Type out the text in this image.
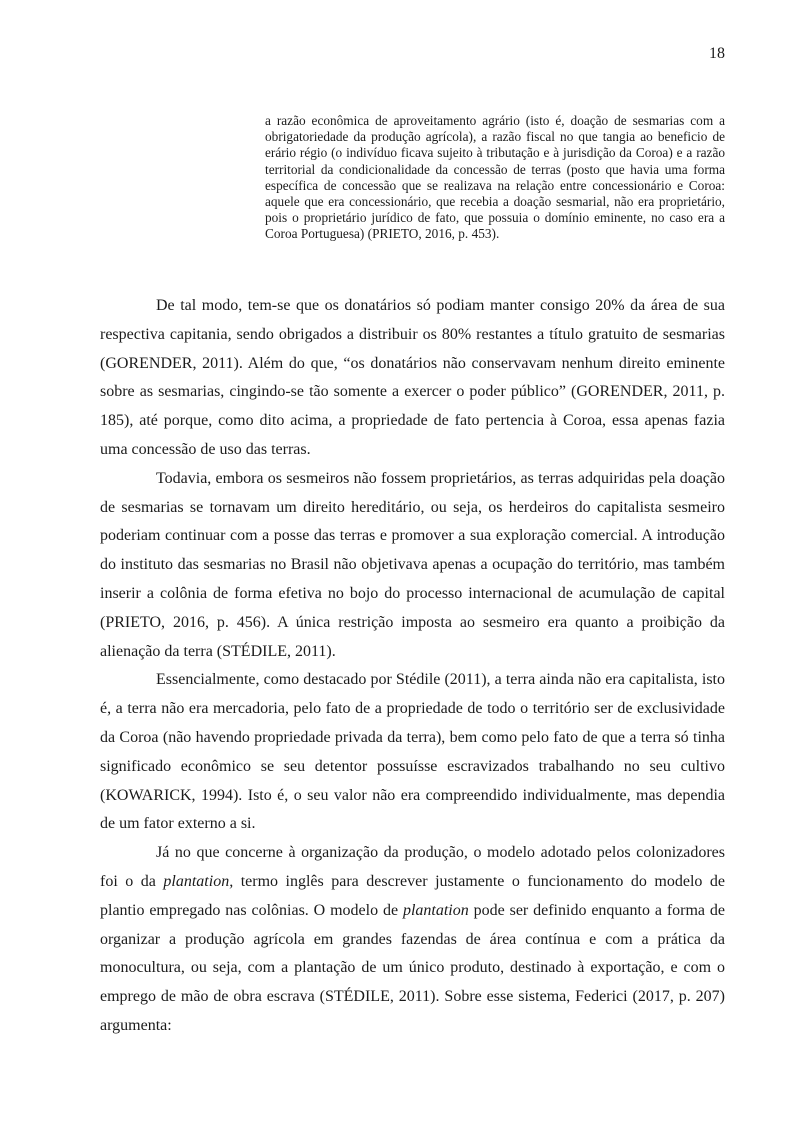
18
a razão econômica de aproveitamento agrário (isto é, doação de sesmarias com a obrigatoriedade da produção agrícola), a razão fiscal no que tangia ao beneficio de erário régio (o indivíduo ficava sujeito à tributação e à jurisdição da Coroa) e a razão territorial da condicionalidade da concessão de terras (posto que havia uma forma específica de concessão que se realizava na relação entre concessionário e Coroa: aquele que era concessionário, que recebia a doação sesmarial, não era proprietário, pois o proprietário jurídico de fato, que possuia o domínio eminente, no caso era a Coroa Portuguesa) (PRIETO, 2016, p. 453).

De tal modo, tem-se que os donatários só podiam manter consigo 20% da área de sua respectiva capitania, sendo obrigados a distribuir os 80% restantes a título gratuito de sesmarias (GORENDER, 2011). Além do que, “os donatários não conservavam nenhum direito eminente sobre as sesmarias, cingindo-se tão somente a exercer o poder público” (GORENDER, 2011, p. 185), até porque, como dito acima, a propriedade de fato pertencia à Coroa, essa apenas fazia uma concessão de uso das terras.

Todavia, embora os sesmeiros não fossem proprietários, as terras adquiridas pela doação de sesmarias se tornavam um direito hereditário, ou seja, os herdeiros do capitalista sesmeiro poderiam continuar com a posse das terras e promover a sua exploração comercial. A introdução do instituto das sesmarias no Brasil não objetivava apenas a ocupação do território, mas também inserir a colônia de forma efetiva no bojo do processo internacional de acumulação de capital (PRIETO, 2016, p. 456). A única restrição imposta ao sesmeiro era quanto a proibição da alienação da terra (STÉDILE, 2011).

Essencialmente, como destacado por Stédile (2011), a terra ainda não era capitalista, isto é, a terra não era mercadoria, pelo fato de a propriedade de todo o território ser de exclusividade da Coroa (não havendo propriedade privada da terra), bem como pelo fato de que a terra só tinha significado econômico se seu detentor possuísse escravizados trabalhando no seu cultivo (KOWARICK, 1994). Isto é, o seu valor não era compreendido individualmente, mas dependia de um fator externo a si.

Já no que concerne à organização da produção, o modelo adotado pelos colonizadores foi o da plantation, termo inglês para descrever justamente o funcionamento do modelo de plantio empregado nas colônias. O modelo de plantation pode ser definido enquanto a forma de organizar a produção agrícola em grandes fazendas de área contínua e com a prática da monocultura, ou seja, com a plantação de um único produto, destinado à exportação, e com o emprego de mão de obra escrava (STÉDILE, 2011). Sobre esse sistema, Federici (2017, p. 207) argumenta:
